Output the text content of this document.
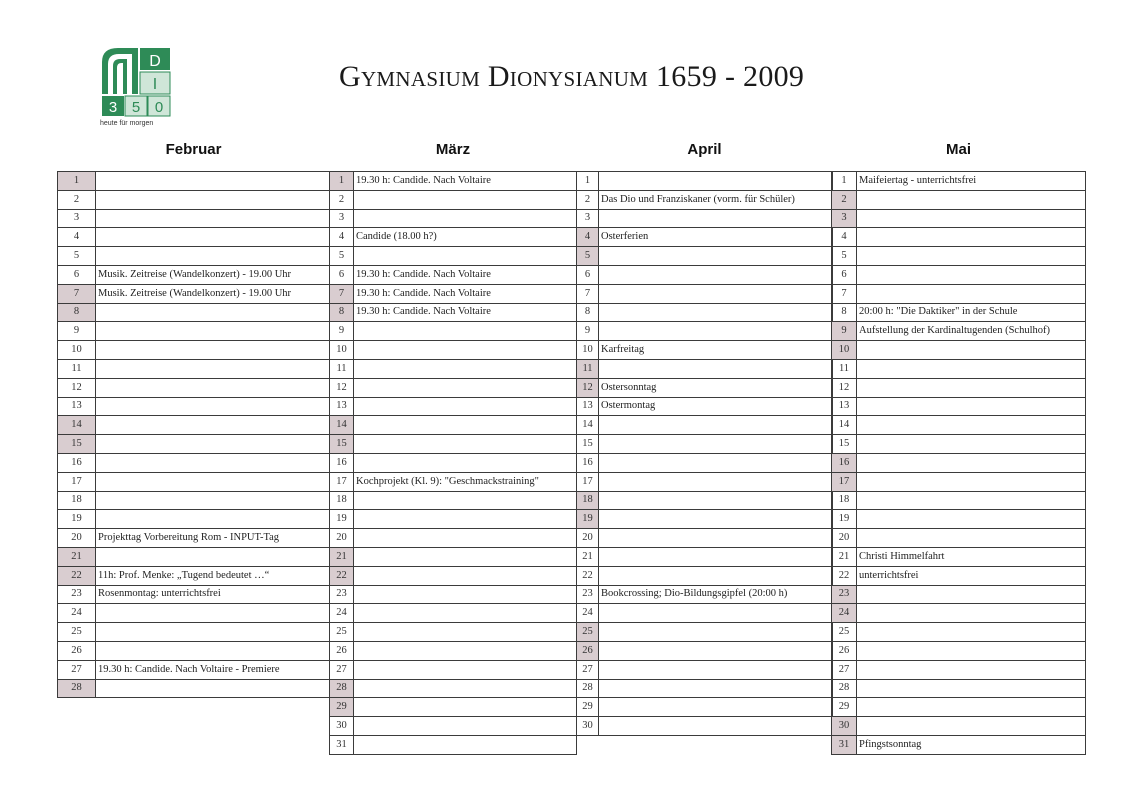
D
I
3 5 0
heute für morgen
Gymnasium Dionysianum 1659 - 2009
Februar
1	
2	
3	
4	
5	
6	Musik. Zeitreise (Wandelkonzert) - 19.00 Uhr
7	Musik. Zeitreise (Wandelkonzert) - 19.00 Uhr
8	
9	
10	
11	
12	
13	
14	
15	
16	
17	
18	
19	
20	Projekttag Vorbereitung Rom - INPUT-Tag
21	
22	11h: Prof. Menke: „Tugend bedeutet …“
23	Rosenmontag: unterrichtsfrei
24	
25	
26	
27	19.30 h: Candide. Nach Voltaire - Premiere
28	
März
1	19.30 h: Candide. Nach Voltaire
2	
3	
4	Candide (18.00 h?)
5	
6	19.30 h: Candide. Nach Voltaire
7	19.30 h: Candide. Nach Voltaire
8	19.30 h: Candide. Nach Voltaire
9	
10	
11	
12	
13	
14	
15	
16	
17	Kochprojekt (Kl. 9): "Geschmackstraining"
18	
19	
20	
21	
22	
23	
24	
25	
26	
27	
28	
29	
30	
31	
April
1	
2	Das Dio und Franziskaner (vorm. für Schüler)
3	
4	Osterferien
5	
6	
7	
8	
9	
10	Karfreitag
11	
12	Ostersonntag
13	Ostermontag
14	
15	
16	
17	
18	
19	
20	
21	
22	
23	Bookcrossing; Dio-Bildungsgipfel (20:00 h)
24	
25	
26	
27	
28	
29	
30	
Mai
1	Maifeiertag - unterrichtsfrei
2	
3	
4	
5	
6	
7	
8	20:00 h: "Die Daktiker" in der Schule
9	Aufstellung der Kardinaltugenden (Schulhof)
10	
11	
12	
13	
14	
15	
16	
17	
18	
19	
20	
21	Christi Himmelfahrt
22	unterrichtsfrei
23	
24	
25	
26	
27	
28	
29	
30	
31	Pfingstsonntag
